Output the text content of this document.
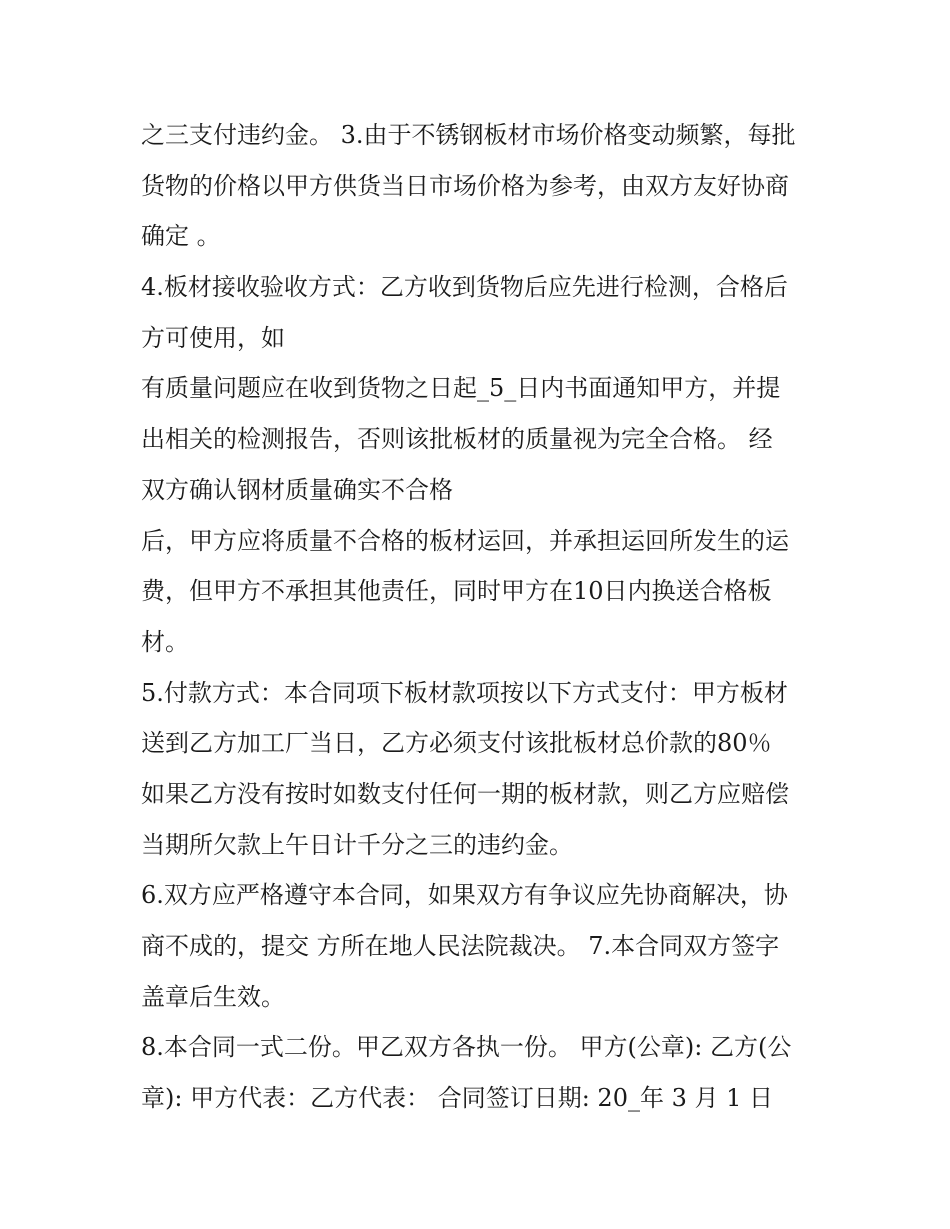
之三支付违约金。 3.由于不锈钢板材市场价格变动频繁，每批
货物的价格以甲方供货当日市场价格为参考，由双方友好协商
确定 。
4.板材接收验收方式：乙方收到货物后应先进行检测，合格后
方可使用，如
有质量问题应在收到货物之日起_5_日内书面通知甲方，并提
出相关的检测报告，否则该批板材的质量视为完全合格。 经
双方确认钢材质量确实不合格
后，甲方应将质量不合格的板材运回，并承担运回所发生的运
费，但甲方不承担其他责任，同时甲方在10日内换送合格板
材。
5.付款方式：本合同项下板材款项按以下方式支付：甲方板材
送到乙方加工厂当日，乙方必须支付该批板材总价款的80％
如果乙方没有按时如数支付任何一期的板材款，则乙方应赔偿
当期所欠款上午日计千分之三的违约金。
6.双方应严格遵守本合同，如果双方有争议应先协商解决，协
商不成的，提交 方所在地人民法院裁决。 7.本合同双方签字
盖章后生效。
8.本合同一式二份。甲乙双方各执一份。 甲方(公章): 乙方(公
章): 甲方代表：乙方代表： 合同签订日期: 20_年 3 月 1 日
